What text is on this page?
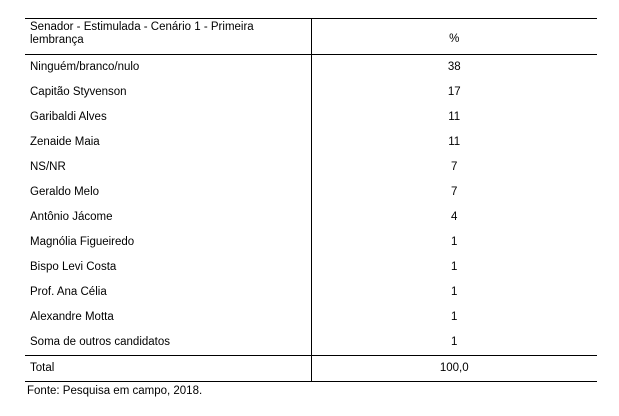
Senador - Estimulada - Cenário 1 - Primeira lembrança	%
Ninguém/branco/nulo	38
Capitão Styvenson	17
Garibaldi Alves	11
Zenaide Maia	11
NS/NR	7
Geraldo Melo	7
Antônio Jácome	4
Magnólia Figueiredo	1
Bispo Levi Costa	1
Prof. Ana Célia	1
Alexandre Motta	1
Soma de outros candidatos	1
Total	100,0
Fonte: Pesquisa em campo, 2018.
